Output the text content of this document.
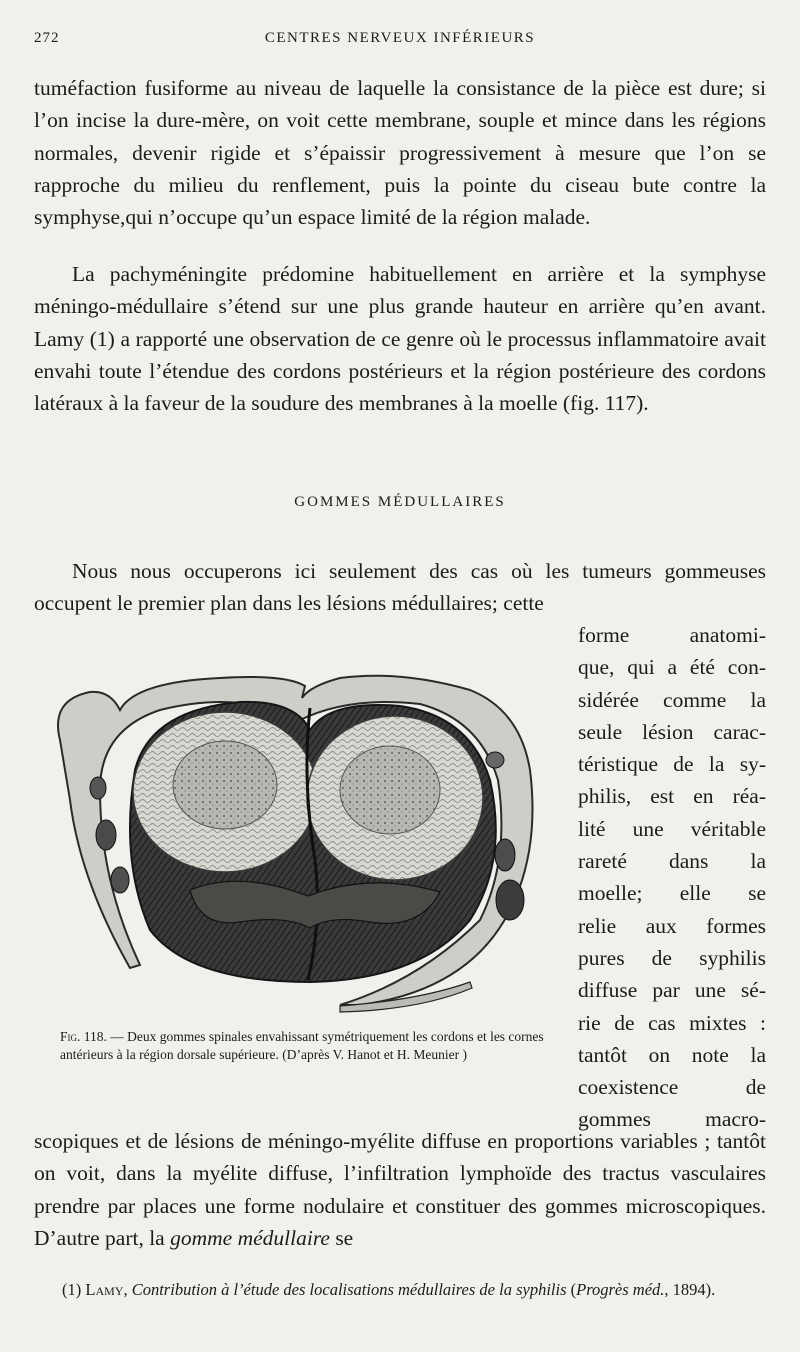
272	CENTRES NERVEUX INFÉRIEURS

tuméfaction fusiforme au niveau de laquelle la consistance de la pièce est dure; si l’on incise la dure-mère, on voit cette membrane, souple et mince dans les régions normales, devenir rigide et s’épaissir progressivement à mesure que l’on se rapproche du milieu du renflement, puis la pointe du ciseau bute contre la symphyse,qui n’occupe qu’un espace limité de la région malade.

La pachyméningite prédomine habituellement en arrière et la symphyse méningo-médullaire s’étend sur une plus grande hauteur en arrière qu’en avant. Lamy (1) a rapporté une observation de ce genre où le processus inflammatoire avait envahi toute l’étendue des cordons postérieurs et la région postérieure des cordons latéraux à la faveur de la soudure des membranes à la moelle (fig. 117).

GOMMES MÉDULLAIRES

Nous nous occuperons ici seulement des cas où les tumeurs gommeuses occupent le premier plan dans les lésions médullaires; cette

forme anatomi-
que, qui a été con-
sidérée comme la
seule lésion carac-
téristique de la sy-
philis, est en réa-
lité une véritable
rareté dans la
moelle; elle se
relie aux formes
pures de syphilis
diffuse par une sé-
rie de cas mixtes :
tantôt on note la
coexistence de
gommes macro-

Fig. 118. — Deux gommes spinales envahissant symétriquement les cordons et les cornes antérieurs à la région dorsale supérieure. (D’après V. Hanot et H. Meunier )

scopiques et de lésions de méningo-myélite diffuse en proportions variables ; tantôt on voit, dans la myélite diffuse, l’infiltration lymphoïde des tractus vasculaires prendre par places une forme nodulaire et constituer des gommes microscopiques. D’autre part, la gomme médullaire se

(1) Lamy, Contribution à l’étude des localisations médullaires de la syphilis (Progrès méd., 1894).
